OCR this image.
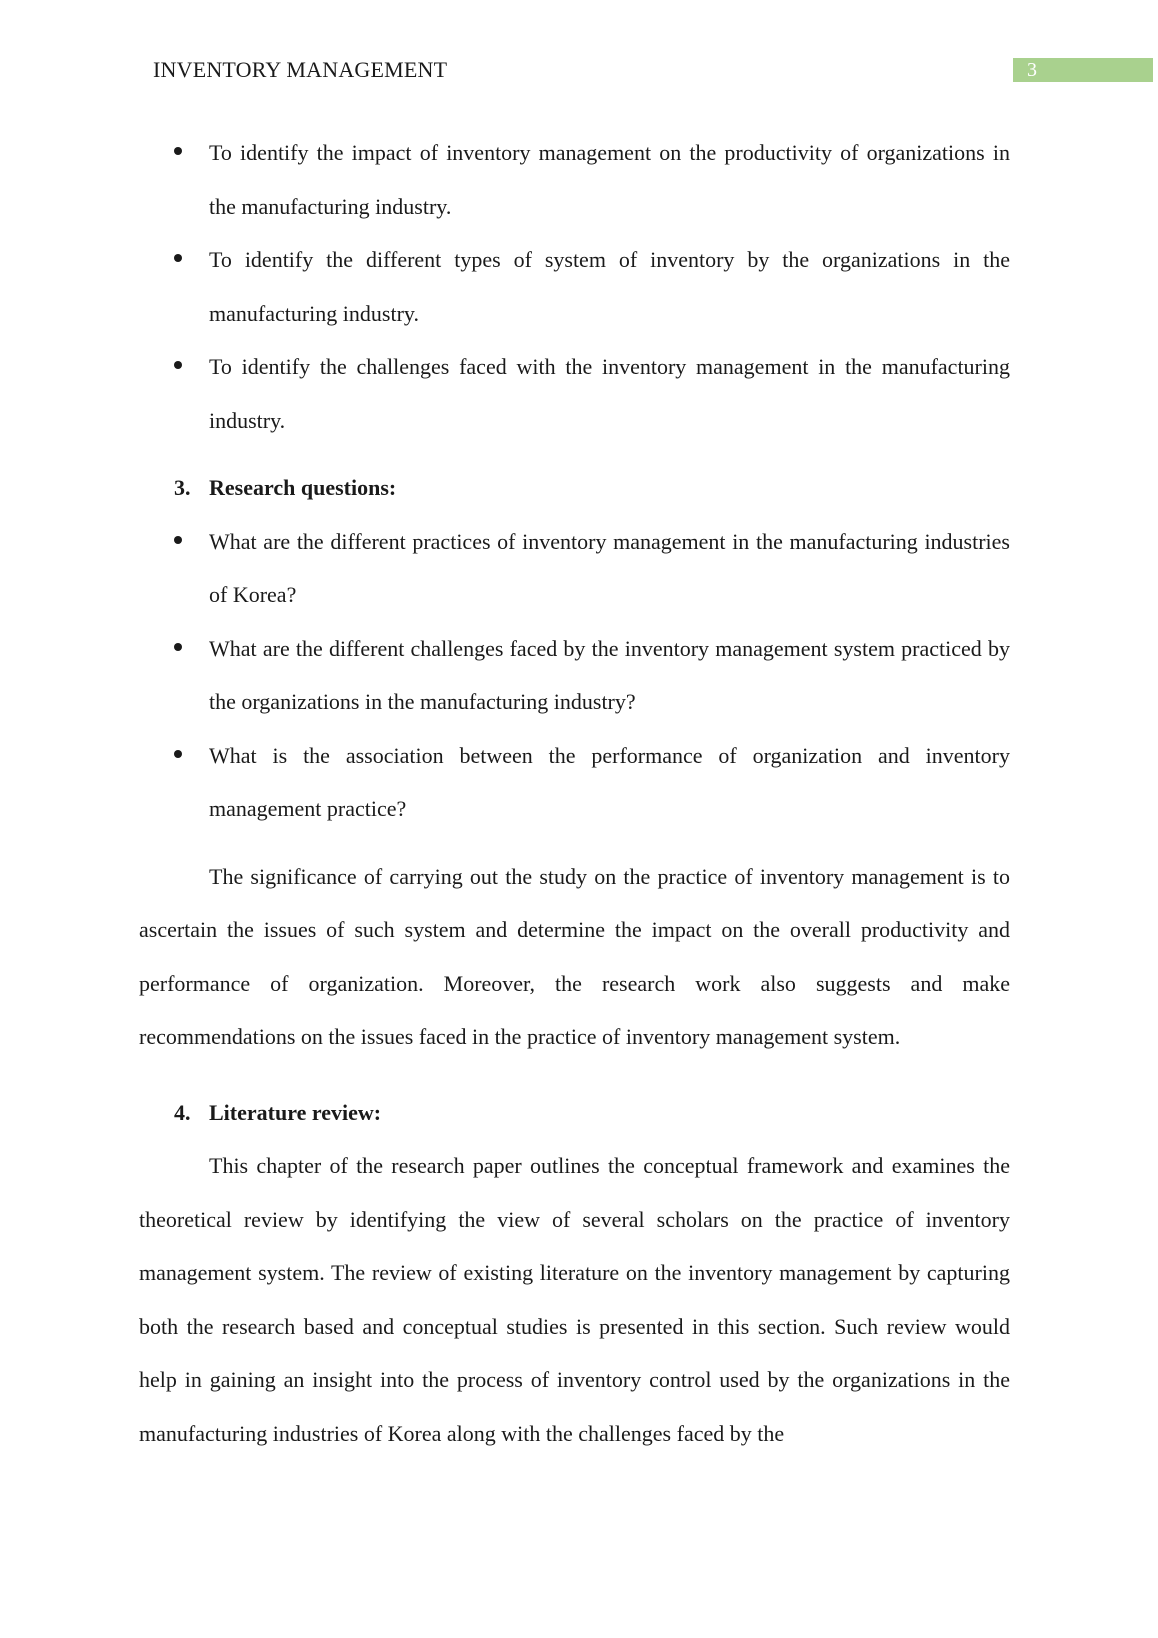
INVENTORY MANAGEMENT	3
To identify the impact of inventory management on the productivity of organizations in the manufacturing industry.
To identify the different types of system of inventory by the organizations in the manufacturing industry.
To identify the challenges faced with the inventory management in the manufacturing industry.
3. Research questions:
What are the different practices of inventory management in the manufacturing industries of Korea?
What are the different challenges faced by the inventory management system practiced by the organizations in the manufacturing industry?
What is the association between the performance of organization and inventory management practice?

The significance of carrying out the study on the practice of inventory management is to ascertain the issues of such system and determine the impact on the overall productivity and performance of organization. Moreover, the research work also suggests and make recommendations on the issues faced in the practice of inventory management system.

4. Literature review:

This chapter of the research paper outlines the conceptual framework and examines the theoretical review by identifying the view of several scholars on the practice of inventory management system. The review of existing literature on the inventory management by capturing both the research based and conceptual studies is presented in this section. Such review would help in gaining an insight into the process of inventory control used by the organizations in the manufacturing industries of Korea along with the challenges faced by the
